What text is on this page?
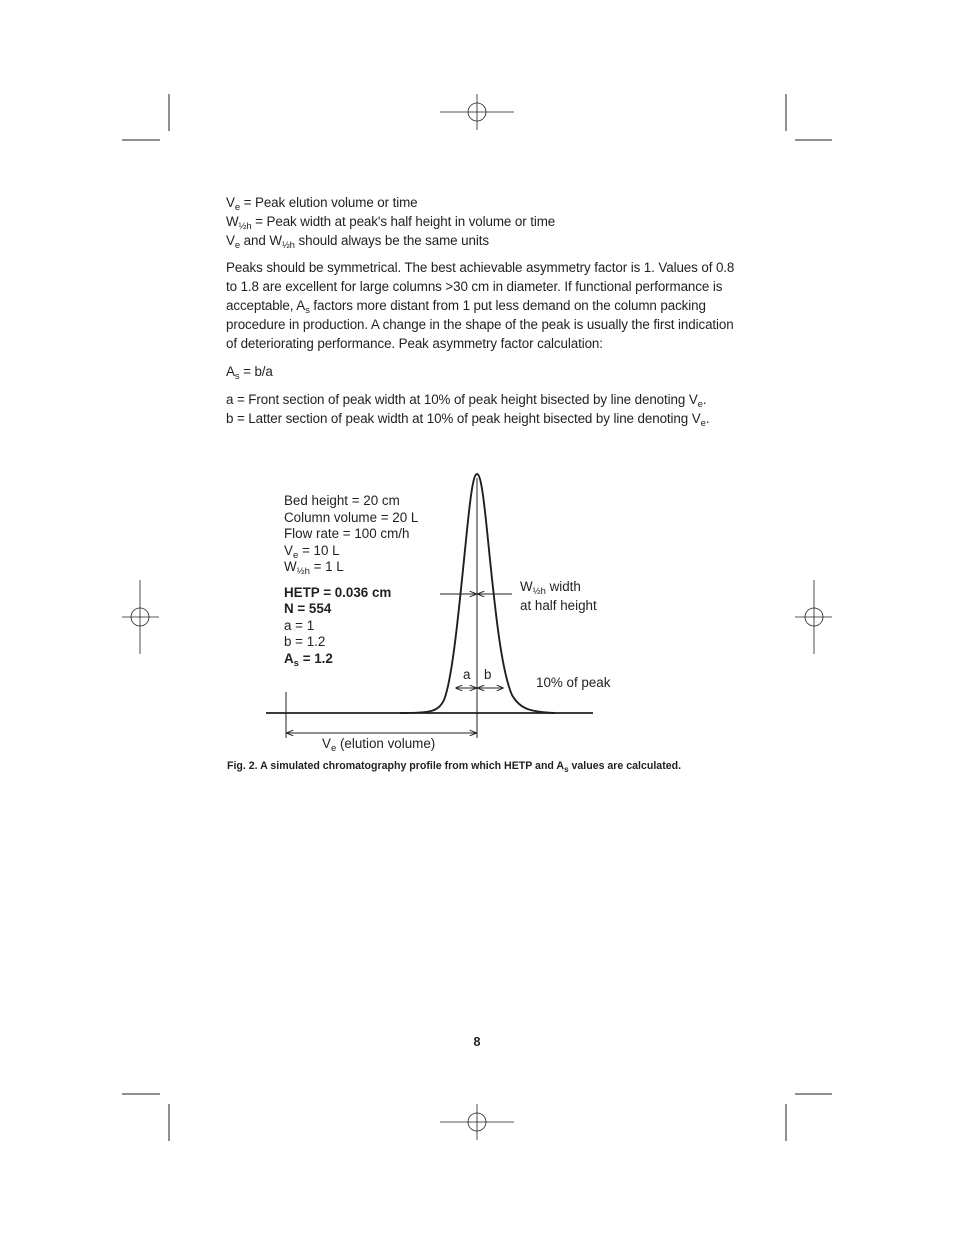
$V_e$ = Peak elution volume or time
$W_{\frac{1}{2}h}$ = Peak width at peak's half height in volume or time
$V_e$ and $W_{\frac{1}{2}h}$ should always be the same units
Peaks should be symmetrical. The best achievable asymmetry factor is 1. Values of 0.8
to 1.8 are excellent for large columns >30 cm in diameter. If functional performance is
acceptable, $A_s$ factors more distant from 1 put less demand on the column packing
procedure in production. A change in the shape of the peak is usually the first indication
of deteriorating performance. Peak asymmetry factor calculation:
$A_s = b/a$
a = Front section of peak width at 10% of peak height bisected by line denoting $V_e$.
b = Latter section of peak width at 10% of peak height bisected by line denoting $V_e$.
Bed height = 20 cm
Column volume = 20 L
Flow rate = 100 cm/h
$V_e = 10$ L
$W_{\frac{1}{2}h} = 1$ L
HETP = 0.036 cm
N = 554
a = 1
b = 1.2
$A_s = 1.2$
$W_{\frac{1}{2}h}$ width
at half height
10% of peak
a b
$V_e$ (elution volume)
Fig. 2. A simulated chromatography profile from which HETP and $A_s$ values are calculated.
8
